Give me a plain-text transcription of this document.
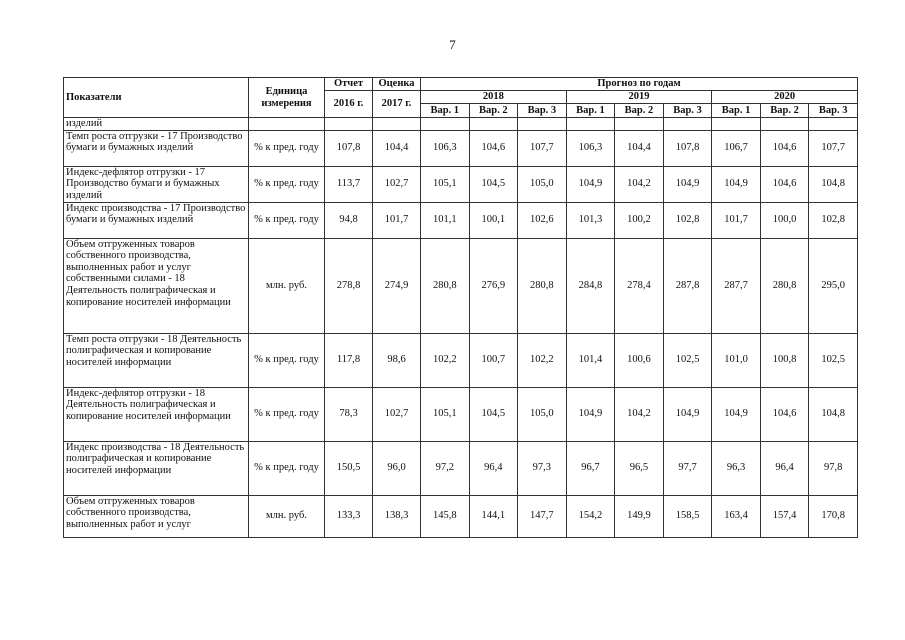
7
Показатели	Единица измерения	Отчет	Оценка	Прогноз по годам								
		2016 г.	2017 г.	2018			2019			2020		
				Вар. 1	Вар. 2	Вар. 3	Вар. 1	Вар. 2	Вар. 3	Вар. 1	Вар. 2	Вар. 3
изделий												
Темп роста отгрузки - 17 Производство бумаги и бумажных изделий	% к пред. году	107,8	104,4	106,3	104,6	107,7	106,3	104,4	107,8	106,7	104,6	107,7
Индекс-дефлятор отгрузки - 17 Производство бумаги и бумажных изделий	% к пред. году	113,7	102,7	105,1	104,5	105,0	104,9	104,2	104,9	104,9	104,6	104,8
Индекс производства - 17 Производство бумаги и бумажных изделий	% к пред. году	94,8	101,7	101,1	100,1	102,6	101,3	100,2	102,8	101,7	100,0	102,8
Объем отгруженных товаров собственного производства, выполненных работ и услуг собственными силами - 18 Деятельность полиграфическая и копирование носителей информации	млн. руб.	278,8	274,9	280,8	276,9	280,8	284,8	278,4	287,8	287,7	280,8	295,0
Темп роста отгрузки - 18 Деятельность полиграфическая и копирование носителей информации	% к пред. году	117,8	98,6	102,2	100,7	102,2	101,4	100,6	102,5	101,0	100,8	102,5
Индекс-дефлятор отгрузки - 18 Деятельность полиграфическая и копирование носителей информации	% к пред. году	78,3	102,7	105,1	104,5	105,0	104,9	104,2	104,9	104,9	104,6	104,8
Индекс производства - 18 Деятельность полиграфическая и копирование носителей информации	% к пред. году	150,5	96,0	97,2	96,4	97,3	96,7	96,5	97,7	96,3	96,4	97,8
Объем отгруженных товаров собственного производства, выполненных работ и услуг	млн. руб.	133,3	138,3	145,8	144,1	147,7	154,2	149,9	158,5	163,4	157,4	170,8
